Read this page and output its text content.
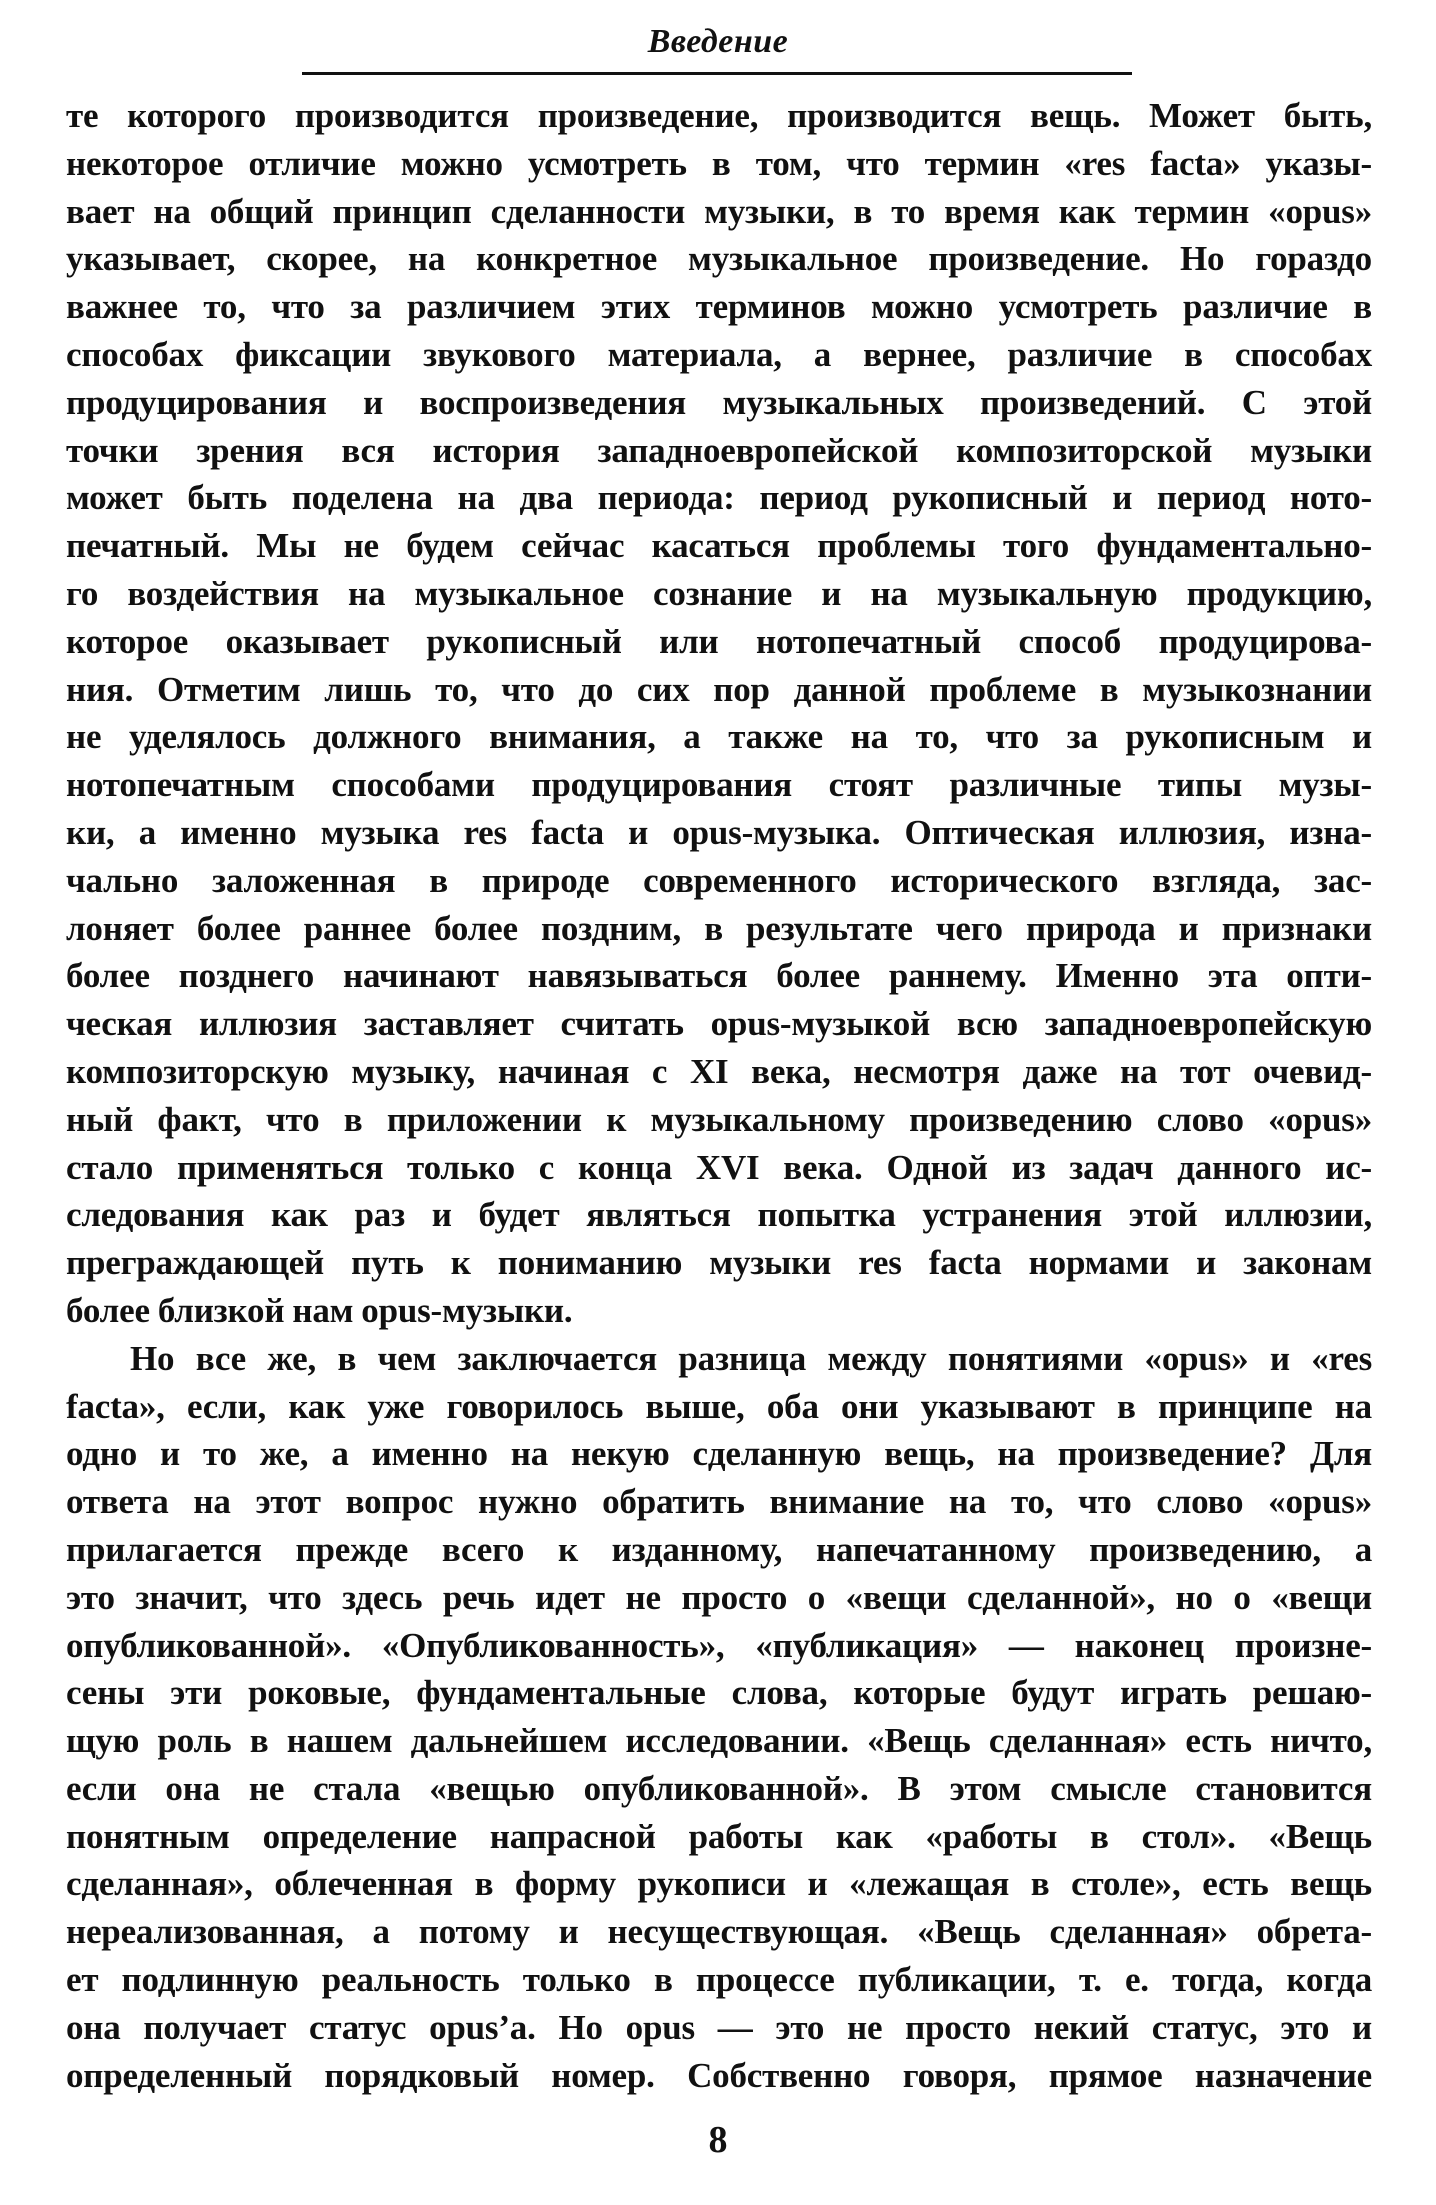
Введение
те которого производится произведение, производится вещь. Может быть,
некоторое отличие можно усмотреть в том, что термин «res facta» указы-
вает на общий принцип сделанности музыки, в то время как термин «opus»
указывает, скорее, на конкретное музыкальное произведение. Но гораздо
важнее то, что за различием этих терминов можно усмотреть различие в
способах фиксации звукового материала, а вернее, различие в способах
продуцирования и воспроизведения музыкальных произведений. С этой
точки зрения вся история западноевропейской композиторской музыки
может быть поделена на два периода: период рукописный и период ното-
печатный. Мы не будем сейчас касаться проблемы того фундаментально-
го воздействия на музыкальное сознание и на музыкальную продукцию,
которое оказывает рукописный или нотопечатный способ продуцирова-
ния. Отметим лишь то, что до сих пор данной проблеме в музыкознании
не уделялось должного внимания, а также на то, что за рукописным и
нотопечатным способами продуцирования стоят различные типы музы-
ки, а именно музыка res facta и opus-музыка. Оптическая иллюзия, изна-
чально заложенная в природе современного исторического взгляда, зас-
лоняет более раннее более поздним, в результате чего природа и признаки
более позднего начинают навязываться более раннему. Именно эта опти-
ческая иллюзия заставляет считать opus-музыкой всю западноевропейскую
композиторскую музыку, начиная с XI века, несмотря даже на тот очевид-
ный факт, что в приложении к музыкальному произведению слово «opus»
стало применяться только с конца XVI века. Одной из задач данного ис-
следования как раз и будет являться попытка устранения этой иллюзии,
преграждающей путь к пониманию музыки res facta нормами и законам
более близкой нам opus-музыки.
Но все же, в чем заключается разница между понятиями «opus» и «res
facta», если, как уже говорилось выше, оба они указывают в принципе на
одно и то же, а именно на некую сделанную вещь, на произведение? Для
ответа на этот вопрос нужно обратить внимание на то, что слово «opus»
прилагается прежде всего к изданному, напечатанному произведению, а
это значит, что здесь речь идет не просто о «вещи сделанной», но о «вещи
опубликованной». «Опубликованность», «публикация» — наконец произне-
сены эти роковые, фундаментальные слова, которые будут играть решаю-
щую роль в нашем дальнейшем исследовании. «Вещь сделанная» есть ничто,
если она не стала «вещью опубликованной». В этом смысле становится
понятным определение напрасной работы как «работы в стол». «Вещь
сделанная», облеченная в форму рукописи и «лежащая в столе», есть вещь
нереализованная, а потому и несуществующая. «Вещь сделанная» обрета-
ет подлинную реальность только в процессе публикации, т. е. тогда, когда
она получает статус opus’a. Но opus — это не просто некий статус, это и
определенный порядковый номер. Собственно говоря, прямое назначение
8
